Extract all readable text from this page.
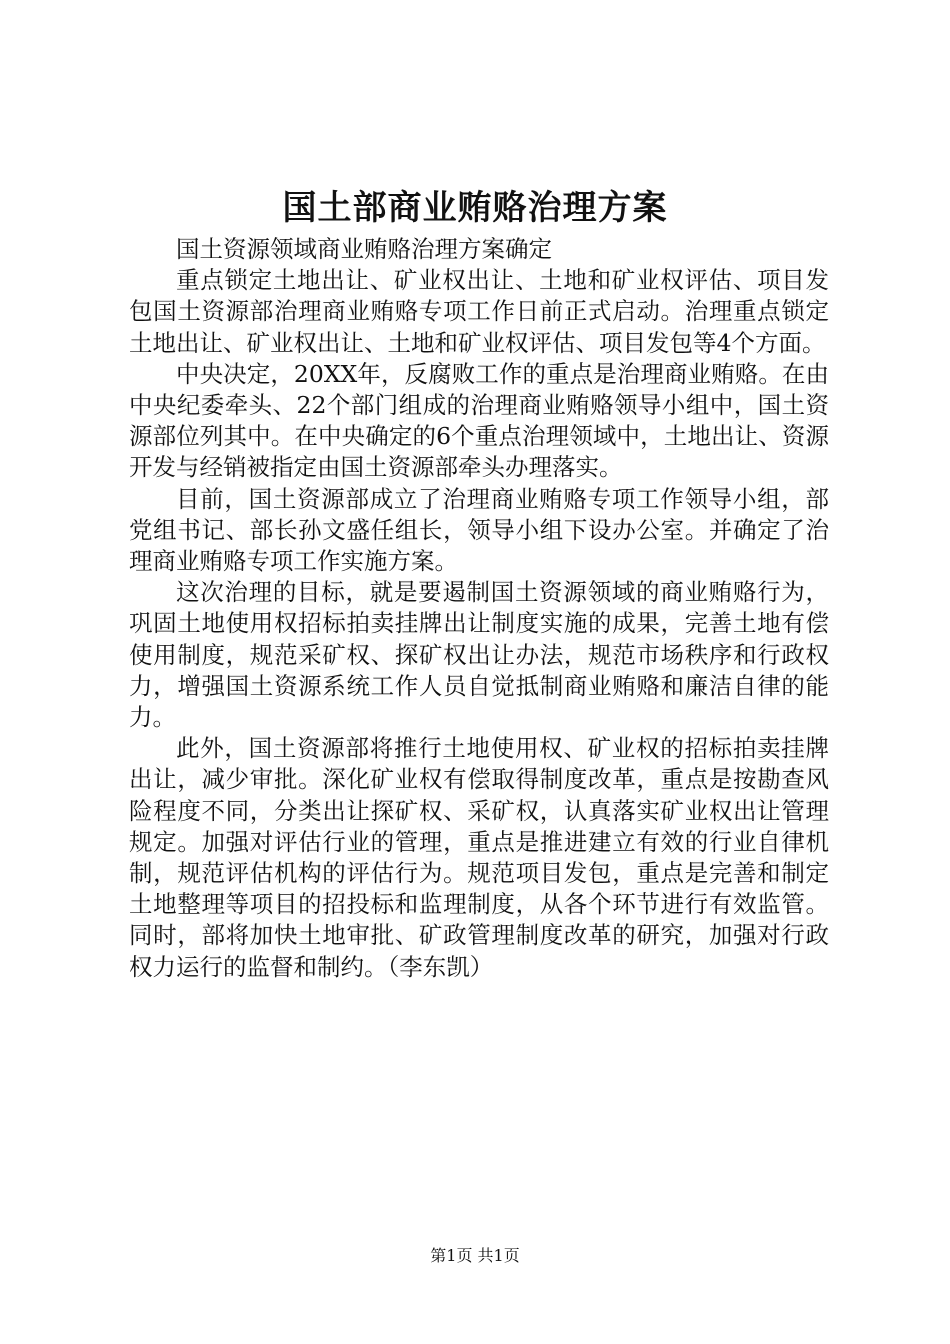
国土部商业贿赂治理方案

国土资源领域商业贿赂治理方案确定

重点锁定土地出让、矿业权出让、土地和矿业权评估、项目发包国土资源部治理商业贿赂专项工作日前正式启动。治理重点锁定土地出让、矿业权出让、土地和矿业权评估、项目发包等4个方面。

中央决定，20XX年，反腐败工作的重点是治理商业贿赂。在由中央纪委牵头、22个部门组成的治理商业贿赂领导小组中，国土资源部位列其中。在中央确定的6个重点治理领域中，土地出让、资源开发与经销被指定由国土资源部牵头办理落实。

目前，国土资源部成立了治理商业贿赂专项工作领导小组，部党组书记、部长孙文盛任组长，领导小组下设办公室。并确定了治理商业贿赂专项工作实施方案。

这次治理的目标，就是要遏制国土资源领域的商业贿赂行为，巩固土地使用权招标拍卖挂牌出让制度实施的成果，完善土地有偿使用制度，规范采矿权、探矿权出让办法，规范市场秩序和行政权力，增强国土资源系统工作人员自觉抵制商业贿赂和廉洁自律的能力。

此外，国土资源部将推行土地使用权、矿业权的招标拍卖挂牌出让，减少审批。深化矿业权有偿取得制度改革，重点是按勘查风险程度不同，分类出让探矿权、采矿权，认真落实矿业权出让管理规定。加强对评估行业的管理，重点是推进建立有效的行业自律机制，规范评估机构的评估行为。规范项目发包，重点是完善和制定土地整理等项目的招投标和监理制度，从各个环节进行有效监管。同时，部将加快土地审批、矿政管理制度改革的研究，加强对行政权力运行的监督和制约。（李东凯）

第1页 共1页
